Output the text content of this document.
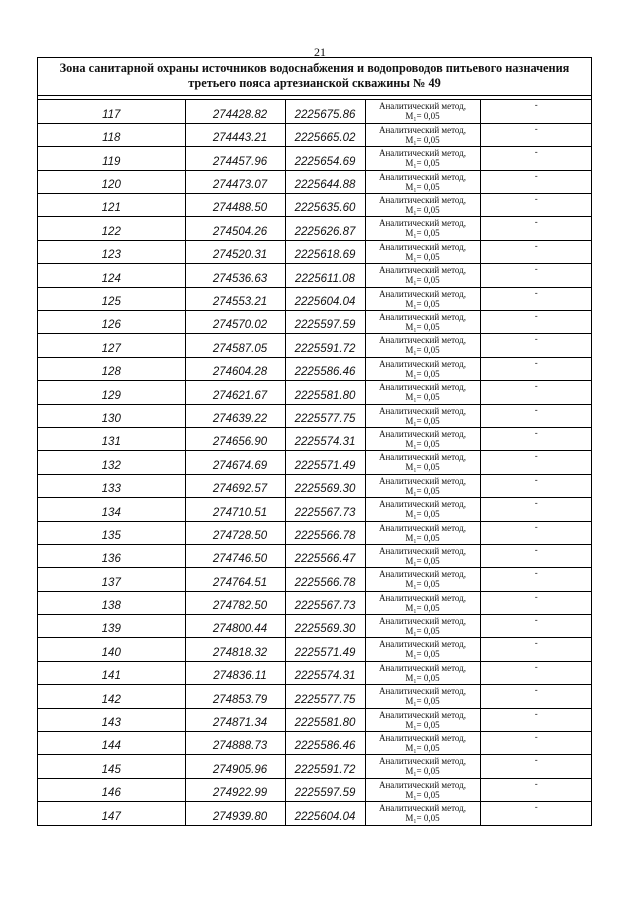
21
Зона санитарной охраны источников водоснабжения и водопроводов питьевого назначения
третьего пояса артезианской скважины № 49
117	274428.82	2225675.86	Аналитический метод,
M₁= 0,05	-
118	274443.21	2225665.02	Аналитический метод,
M₁= 0,05	-
119	274457.96	2225654.69	Аналитический метод,
M₁= 0,05	-
120	274473.07	2225644.88	Аналитический метод,
M₁= 0,05	-
121	274488.50	2225635.60	Аналитический метод,
M₁= 0,05	-
122	274504.26	2225626.87	Аналитический метод,
M₁= 0,05	-
123	274520.31	2225618.69	Аналитический метод,
M₁= 0,05	-
124	274536.63	2225611.08	Аналитический метод,
M₁= 0,05	-
125	274553.21	2225604.04	Аналитический метод,
M₁= 0,05	-
126	274570.02	2225597.59	Аналитический метод,
M₁= 0,05	-
127	274587.05	2225591.72	Аналитический метод,
M₁= 0,05	-
128	274604.28	2225586.46	Аналитический метод,
M₁= 0,05	-
129	274621.67	2225581.80	Аналитический метод,
M₁= 0,05	-
130	274639.22	2225577.75	Аналитический метод,
M₁= 0,05	-
131	274656.90	2225574.31	Аналитический метод,
M₁= 0,05	-
132	274674.69	2225571.49	Аналитический метод,
M₁= 0,05	-
133	274692.57	2225569.30	Аналитический метод,
M₁= 0,05	-
134	274710.51	2225567.73	Аналитический метод,
M₁= 0,05	-
135	274728.50	2225566.78	Аналитический метод,
M₁= 0,05	-
136	274746.50	2225566.47	Аналитический метод,
M₁= 0,05	-
137	274764.51	2225566.78	Аналитический метод,
M₁= 0,05	-
138	274782.50	2225567.73	Аналитический метод,
M₁= 0,05	-
139	274800.44	2225569.30	Аналитический метод,
M₁= 0,05	-
140	274818.32	2225571.49	Аналитический метод,
M₁= 0,05	-
141	274836.11	2225574.31	Аналитический метод,
M₁= 0,05	-
142	274853.79	2225577.75	Аналитический метод,
M₁= 0,05	-
143	274871.34	2225581.80	Аналитический метод,
M₁= 0,05	-
144	274888.73	2225586.46	Аналитический метод,
M₁= 0,05	-
145	274905.96	2225591.72	Аналитический метод,
M₁= 0,05	-
146	274922.99	2225597.59	Аналитический метод,
M₁= 0,05	-
147	274939.80	2225604.04	Аналитический метод,
M₁= 0,05	-
